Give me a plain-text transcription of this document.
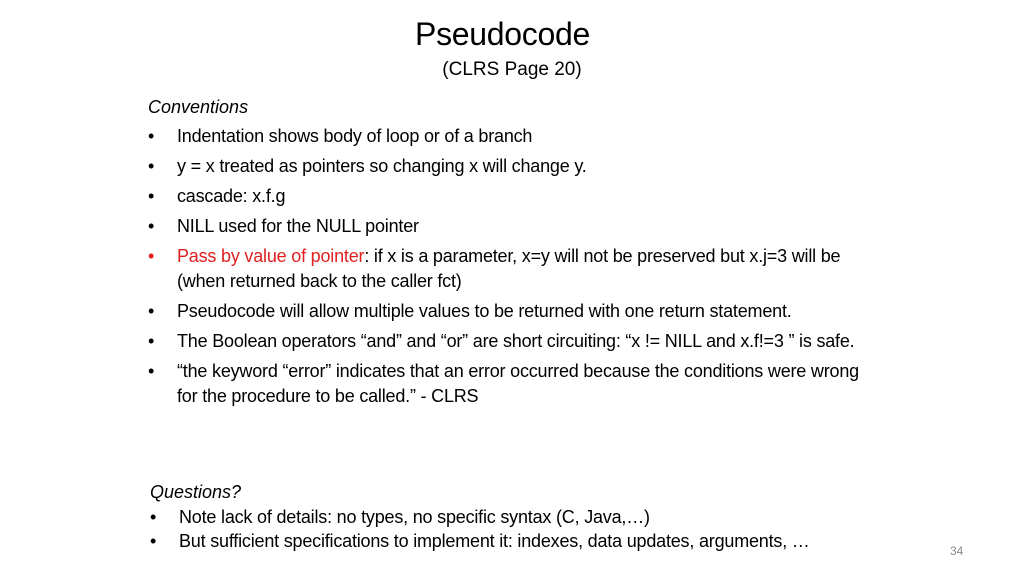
Pseudocode
(CLRS Page 20)
Conventions
•	Indentation shows body of loop or of a branch
•	y = x treated as pointers so changing x will change y.
•	cascade: x.f.g
•	NILL used for the NULL pointer
•	Pass by value of pointer: if x is a parameter, x=y will not be preserved but x.j=3 will be (when returned back to the caller fct)
•	Pseudocode will allow multiple values to be returned with one return statement.
•	The Boolean operators “and” and “or” are short circuiting: “x != NILL and x.f!=3 ” is safe.
•	“the keyword “error” indicates that an error occurred because the conditions were wrong for the procedure to be called.” - CLRS
Questions?
•	Note lack of details: no types, no specific syntax (C, Java,…)
•	But sufficient specifications to implement it: indexes, data updates, arguments, …	34
